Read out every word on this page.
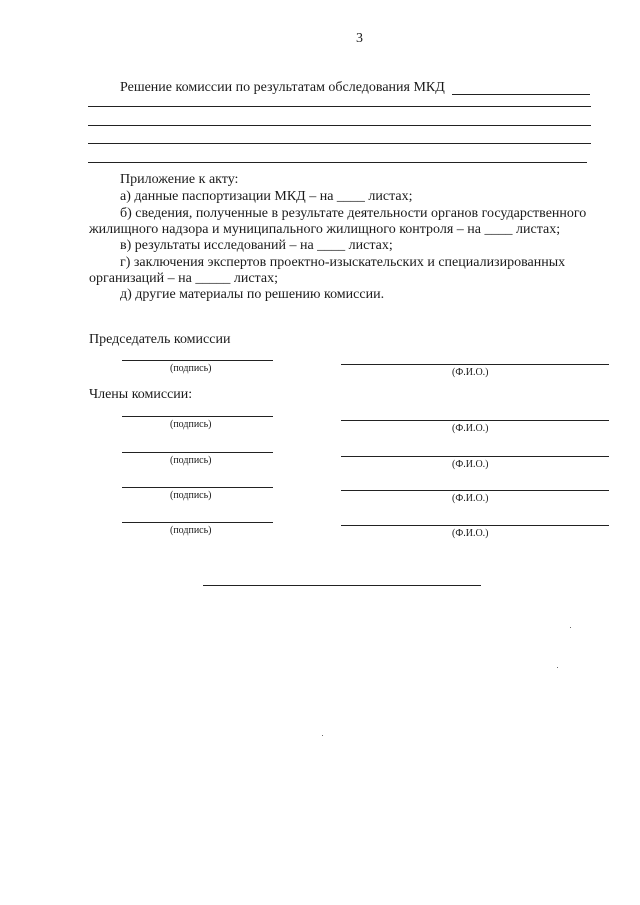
3
Решение комиссии по результатам обследования МКД
Приложение к акту:
а) данные паспортизации МКД – на ____ листах;
б) сведения, полученные в результате деятельности органов государственного
жилищного надзора и муниципального жилищного контроля – на ____ листах;
в) результаты исследований – на ____ листах;
г) заключения экспертов проектно-изыскательских и специализированных
организаций – на _____ листах;
д) другие материалы по решению комиссии.
Председатель комиссии
(подпись)	(Ф.И.О.)
Члены комиссии:
(подпись)	(Ф.И.О.)
(подпись)	(Ф.И.О.)
(подпись)	(Ф.И.О.)
(подпись)	(Ф.И.О.)
